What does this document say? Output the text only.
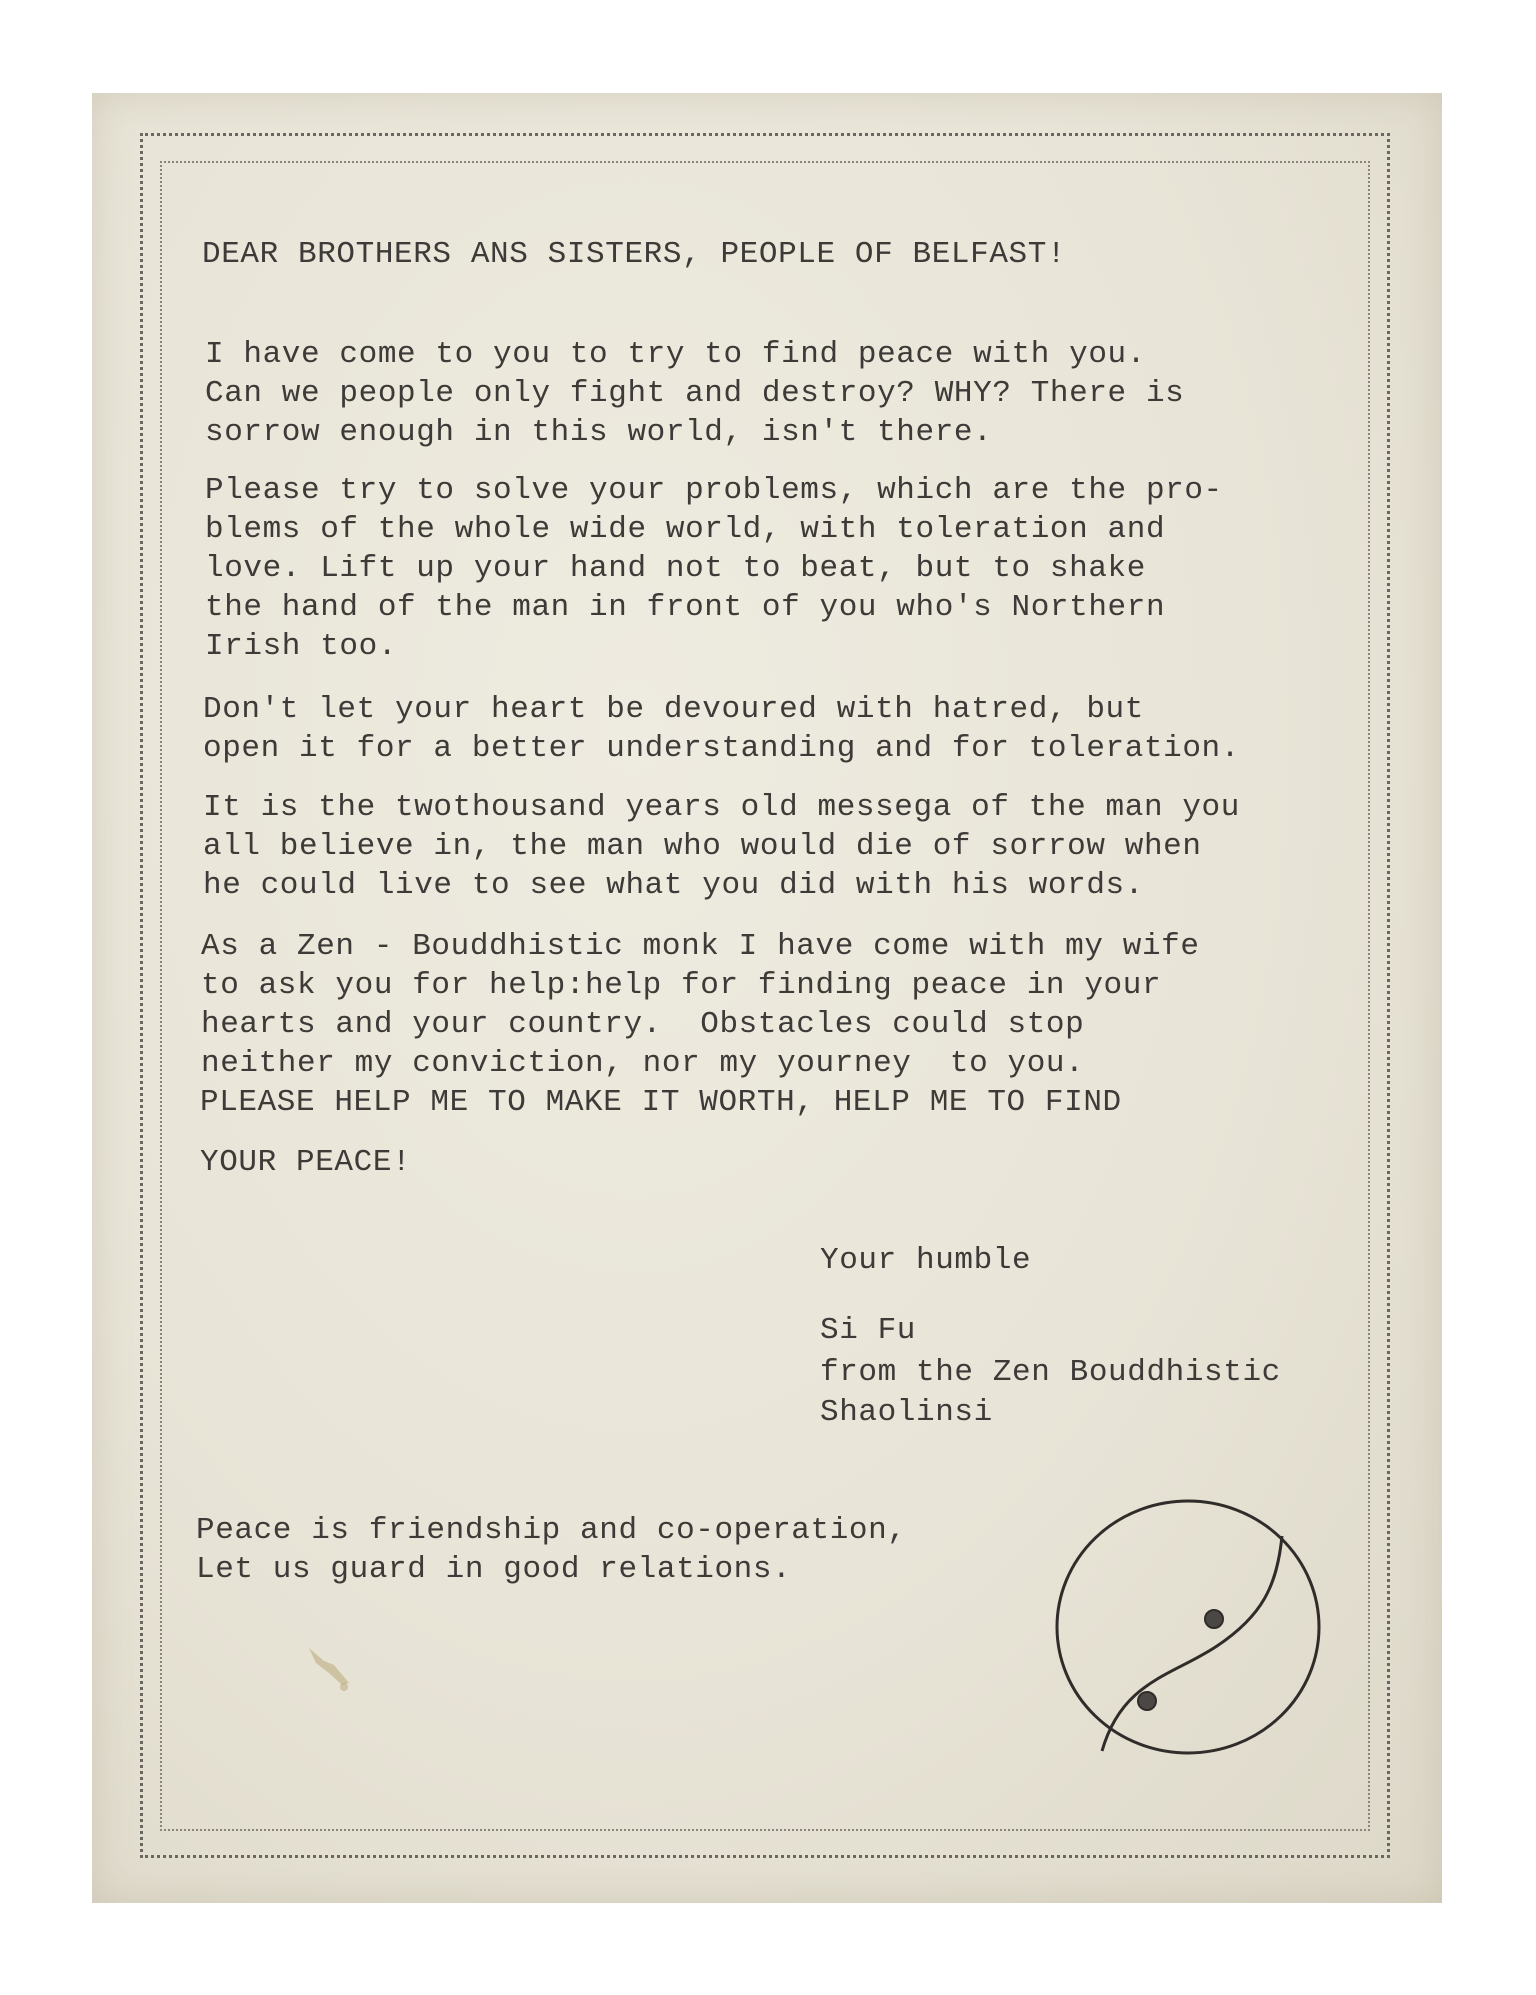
DEAR BROTHERS ANS SISTERS, PEOPLE OF BELFAST!

I have come to you to try to find peace with you.
Can we people only fight and destroy? WHY? There is
sorrow enough in this world, isn't there.

Please try to solve your problems, which are the pro-
blems of the whole wide world, with toleration and
love. Lift up your hand not to beat, but to shake
the hand of the man in front of you who's Northern
Irish too.

Don't let your heart be devoured with hatred, but
open it for a better understanding and for toleration.

It is the twothousand years old messega of the man you
all believe in, the man who would die of sorrow when
he could live to see what you did with his words.

As a Zen - Bouddhistic monk I have come with my wife
to ask you for help:help for finding peace in your
hearts and your country.  Obstacles could stop
neither my conviction, nor my yourney  to you.

PLEASE HELP ME TO MAKE IT WORTH, HELP ME TO FIND

YOUR PEACE!

Your humble

Si Fu

from the Zen Bouddhistic

Shaolinsi

Peace is friendship and co-operation,

Let us guard in good relations.
